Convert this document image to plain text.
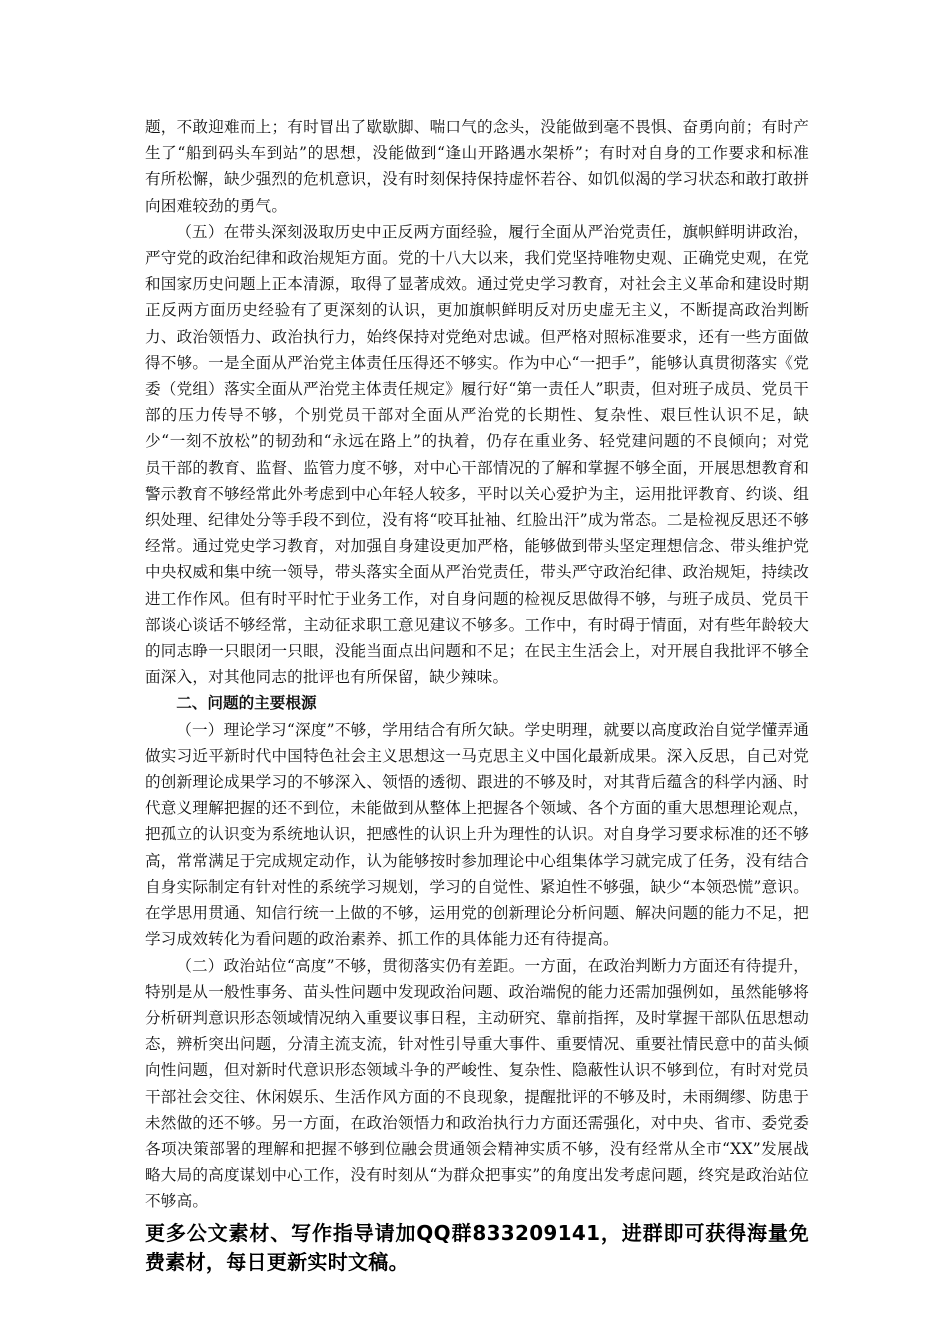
题，不敢迎难而上；有时冒出了歇歇脚、喘口气的念头，没能做到毫不畏惧、奋勇向前；有时产生了“船到码头车到站”的思想，没能做到“逢山开路遇水架桥”；有时对自身的工作要求和标准有所松懈，缺少强烈的危机意识，没有时刻保持保持虚怀若谷、如饥似渴的学习状态和敢打敢拼向困难较劲的勇气。

（五）在带头深刻汲取历史中正反两方面经验，履行全面从严治党责任，旗帜鲜明讲政治，严守党的政治纪律和政治规矩方面。党的十八大以来，我们党坚持唯物史观、正确党史观，在党和国家历史问题上正本清源，取得了显著成效。通过党史学习教育，对社会主义革命和建设时期正反两方面历史经验有了更深刻的认识，更加旗帜鲜明反对历史虚无主义，不断提高政治判断力、政治领悟力、政治执行力，始终保持对党绝对忠诚。但严格对照标准要求，还有一些方面做得不够。一是全面从严治党主体责任压得还不够实。作为中心“一把手”，能够认真贯彻落实《党委（党组）落实全面从严治党主体责任规定》履行好“第一责任人”职责，但对班子成员、党员干部的压力传导不够，个别党员干部对全面从严治党的长期性、复杂性、艰巨性认识不足，缺少“一刻不放松”的韧劲和“永远在路上”的执着，仍存在重业务、轻党建问题的不良倾向；对党员干部的教育、监督、监管力度不够，对中心干部情况的了解和掌握不够全面，开展思想教育和警示教育不够经常此外考虑到中心年轻人较多，平时以关心爱护为主，运用批评教育、约谈、组织处理、纪律处分等手段不到位，没有将“咬耳扯袖、红脸出汗”成为常态。二是检视反思还不够经常。通过党史学习教育，对加强自身建设更加严格，能够做到带头坚定理想信念、带头维护党中央权威和集中统一领导，带头落实全面从严治党责任，带头严守政治纪律、政治规矩，持续改进工作作风。但有时平时忙于业务工作，对自身问题的检视反思做得不够，与班子成员、党员干部谈心谈话不够经常，主动征求职工意见建议不够多。工作中，有时碍于情面，对有些年龄较大的同志睁一只眼闭一只眼，没能当面点出问题和不足；在民主生活会上，对开展自我批评不够全面深入，对其他同志的批评也有所保留，缺少辣味。

二、问题的主要根源

（一）理论学习“深度”不够，学用结合有所欠缺。学史明理，就要以高度政治自觉学懂弄通做实习近平新时代中国特色社会主义思想这一马克思主义中国化最新成果。深入反思，自己对党的创新理论成果学习的不够深入、领悟的透彻、跟进的不够及时，对其背后蕴含的科学内涵、时代意义理解把握的还不到位，未能做到从整体上把握各个领域、各个方面的重大思想理论观点，把孤立的认识变为系统地认识，把感性的认识上升为理性的认识。对自身学习要求标准的还不够高，常常满足于完成规定动作，认为能够按时参加理论中心组集体学习就完成了任务，没有结合自身实际制定有针对性的系统学习规划，学习的自觉性、紧迫性不够强，缺少“本领恐慌”意识。在学思用贯通、知信行统一上做的不够，运用党的创新理论分析问题、解决问题的能力不足，把学习成效转化为看问题的政治素养、抓工作的具体能力还有待提高。

（二）政治站位“高度”不够，贯彻落实仍有差距。一方面，在政治判断力方面还有待提升，特别是从一般性事务、苗头性问题中发现政治问题、政治端倪的能力还需加强例如，虽然能够将分析研判意识形态领域情况纳入重要议事日程，主动研究、靠前指挥，及时掌握干部队伍思想动态，辨析突出问题，分清主流支流，针对性引导重大事件、重要情况、重要社情民意中的苗头倾向性问题，但对新时代意识形态领域斗争的严峻性、复杂性、隐蔽性认识不够到位，有时对党员干部社会交往、休闲娱乐、生活作风方面的不良现象，提醒批评的不够及时，未雨绸缪、防患于未然做的还不够。另一方面，在政治领悟力和政治执行力方面还需强化，对中央、省市、委党委各项决策部署的理解和把握不够到位融会贯通领会精神实质不够，没有经常从全市“XX”发展战略大局的高度谋划中心工作，没有时刻从“为群众把事实”的角度出发考虑问题，终究是政治站位不够高。

更多公文素材、写作指导请加QQ群833209141，进群即可获得海量免费素材，每日更新实时文稿。
